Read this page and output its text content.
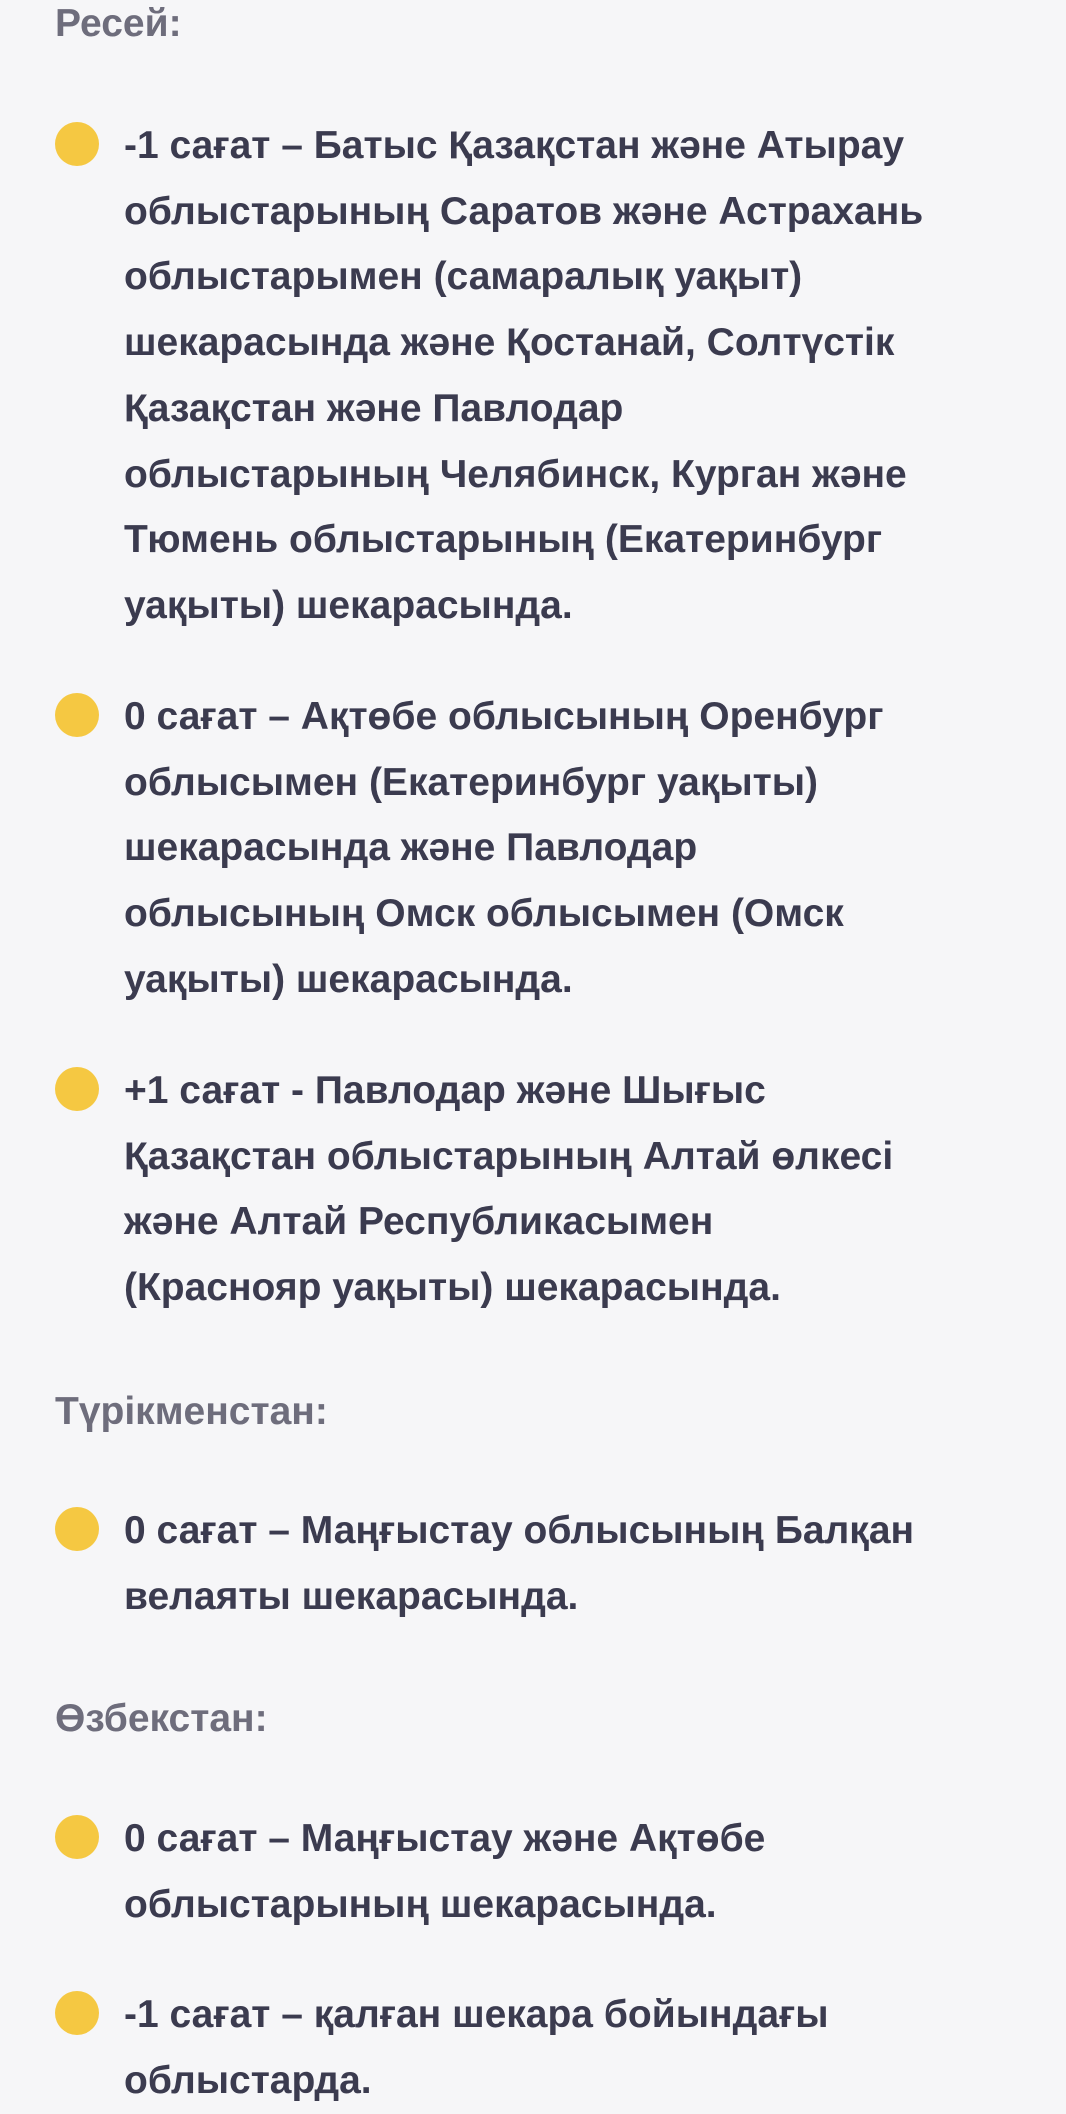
Ресей:

-1 сағат – Батыс Қазақстан және Атырау
облыстарының Саратов және Астрахань
облыстарымен (самаралық уақыт)
шекарасында және Қостанай, Солтүстік
Қазақстан және Павлодар
облыстарының Челябинск, Курган және
Тюмень облыстарының (Екатеринбург
уақыты) шекарасында.

0 сағат – Ақтөбе облысының Оренбург
облысымен (Екатеринбург уақыты)
шекарасында және Павлодар
облысының Омск облысымен (Омск
уақыты) шекарасында.

+1 сағат - Павлодар және Шығыс
Қазақстан облыстарының Алтай өлкесі
және Алтай Республикасымен
(Краснояр уақыты) шекарасында.

Түрікменстан:

0 сағат – Маңғыстау облысының Балқан
велаяты шекарасында.

Өзбекстан:

0 сағат – Маңғыстау және Ақтөбе
облыстарының шекарасында.

-1 сағат – қалған шекара бойындағы
облыстарда.
